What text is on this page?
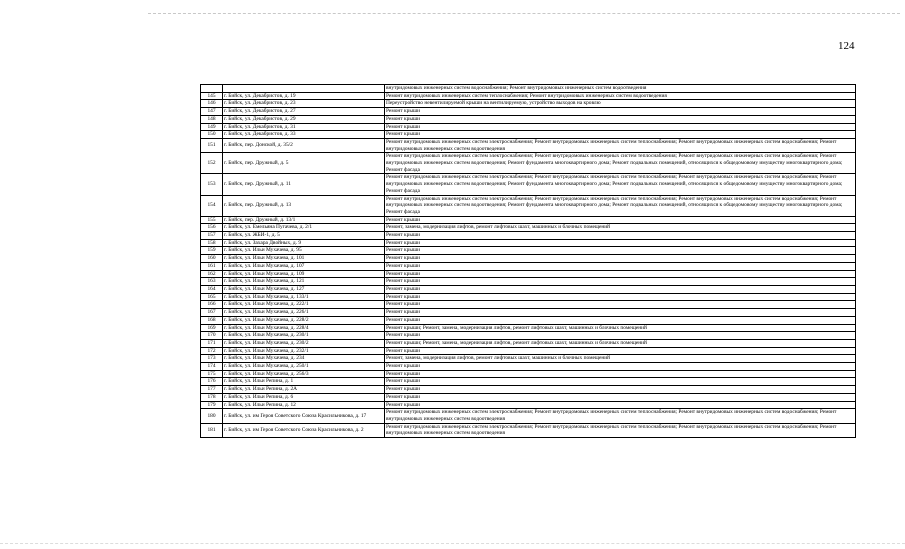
124
		внутридомовых инженерных систем водоснабжения; Ремонт внутридомовых инженерных систем водоотведения
145	г. Бийск, ул. Декабристов, д. 19	Ремонт внутридомовых инженерных систем теплоснабжения; Ремонт внутридомовых инженерных систем водоотведения
146	г. Бийск, ул. Декабристов, д. 23	Переустройство невентилируемой крыши на вентилируемую, устройство выходов на кровлю
147	г. Бийск, ул. Декабристов, д. 27	Ремонт крыши
148	г. Бийск, ул. Декабристов, д. 29	Ремонт крыши
149	г. Бийск, ул. Декабристов, д. 31	Ремонт крыши
150	г. Бийск, ул. Декабристов, д. 33	Ремонт крыши
151	г. Бийск, пер. Донской, д. 35/2	Ремонт внутридомовых инженерных систем электроснабжения; Ремонт внутридомовых инженерных систем теплоснабжения; Ремонт внутридомовых инженерных систем водоснабжения; Ремонт внутридомовых инженерных систем водоотведения
152	г. Бийск, пер. Дружный, д. 5	Ремонт внутридомовых инженерных систем электроснабжения; Ремонт внутридомовых инженерных систем теплоснабжения; Ремонт внутридомовых инженерных систем водоснабжения; Ремонт внутридомовых инженерных систем водоотведения; Ремонт фундамента многоквартирного дома; Ремонт подвальных помещений, относящихся к общедомовому имуществу многоквартирного дома; Ремонт фасада
153	г. Бийск, пер. Дружный, д. 11	Ремонт внутридомовых инженерных систем электроснабжения; Ремонт внутридомовых инженерных систем теплоснабжения; Ремонт внутридомовых инженерных систем водоснабжения; Ремонт внутридомовых инженерных систем водоотведения; Ремонт фундамента многоквартирного дома; Ремонт подвальных помещений, относящихся к общедомовому имуществу многоквартирного дома; Ремонт фасада
154	г. Бийск, пер. Дружный, д. 13	Ремонт внутридомовых инженерных систем электроснабжения; Ремонт внутридомовых инженерных систем теплоснабжения; Ремонт внутридомовых инженерных систем водоснабжения; Ремонт внутридомовых инженерных систем водоотведения; Ремонт фундамента многоквартирного дома; Ремонт подвальных помещений, относящихся к общедомовому имуществу многоквартирного дома; Ремонт фасада
155	г. Бийск, пер. Дружный, д. 13/1	Ремонт крыши
156	г. Бийск, ул. Емельяна Пугачева, д. 2/1	Ремонт, замена, модернизация лифтов, ремонт лифтовых шахт, машинных и блочных помещений
157	г. Бийск, ул. ЖБИ-1, д. 5	Ремонт крыши
158	г. Бийск, ул. Захара Двойных, д. 9	Ремонт крыши
159	г. Бийск, ул. Ильи Мухачева, д. 95	Ремонт крыши
160	г. Бийск, ул. Ильи Мухачева, д. 101	Ремонт крыши
161	г. Бийск, ул. Ильи Мухачева, д. 107	Ремонт крыши
162	г. Бийск, ул. Ильи Мухачева, д. 109	Ремонт крыши
163	г. Бийск, ул. Ильи Мухачева, д. 121	Ремонт крыши
164	г. Бийск, ул. Ильи Мухачева, д. 127	Ремонт крыши
165	г. Бийск, ул. Ильи Мухачева, д. 133/1	Ремонт крыши
166	г. Бийск, ул. Ильи Мухачева, д. 222/1	Ремонт крыши
167	г. Бийск, ул. Ильи Мухачева, д. 226/1	Ремонт крыши
168	г. Бийск, ул. Ильи Мухачева, д. 228/2	Ремонт крыши
169	г. Бийск, ул. Ильи Мухачева, д. 228/4	Ремонт крыши; Ремонт, замена, модернизация лифтов, ремонт лифтовых шахт, машинных и блочных помещений
170	г. Бийск, ул. Ильи Мухачева, д. 230/1	Ремонт крыши
171	г. Бийск, ул. Ильи Мухачева, д. 230/2	Ремонт крыши; Ремонт, замена, модернизация лифтов, ремонт лифтовых шахт, машинных и блочных помещений
172	г. Бийск, ул. Ильи Мухачева, д. 232/1	Ремонт крыши
173	г. Бийск, ул. Ильи Мухачева, д. 234	Ремонт, замена, модернизация лифтов, ремонт лифтовых шахт, машинных и блочных помещений
174	г. Бийск, ул. Ильи Мухачева, д. 250/1	Ремонт крыши
175	г. Бийск, ул. Ильи Мухачева, д. 256/3	Ремонт крыши
176	г. Бийск, ул. Ильи Репина, д. 1	Ремонт крыши
177	г. Бийск, ул. Ильи Репина, д. 2А	Ремонт крыши
178	г. Бийск, ул. Ильи Репина, д. 6	Ремонт крыши
179	г. Бийск, ул. Ильи Репина, д. 12	Ремонт крыши
180	г. Бийск, ул. им Героя Советского Союза Красильникова, д. 17	Ремонт внутридомовых инженерных систем электроснабжения; Ремонт внутридомовых инженерных систем теплоснабжения; Ремонт внутридомовых инженерных систем водоснабжения; Ремонт внутридомовых инженерных систем водоотведения
181	г. Бийск, ул. им Героя Советского Союза Красильникова, д. 2	Ремонт внутридомовых инженерных систем электроснабжения; Ремонт внутридомовых инженерных систем теплоснабжения; Ремонт внутридомовых инженерных систем водоснабжения; Ремонт внутридомовых инженерных систем водоотведения
